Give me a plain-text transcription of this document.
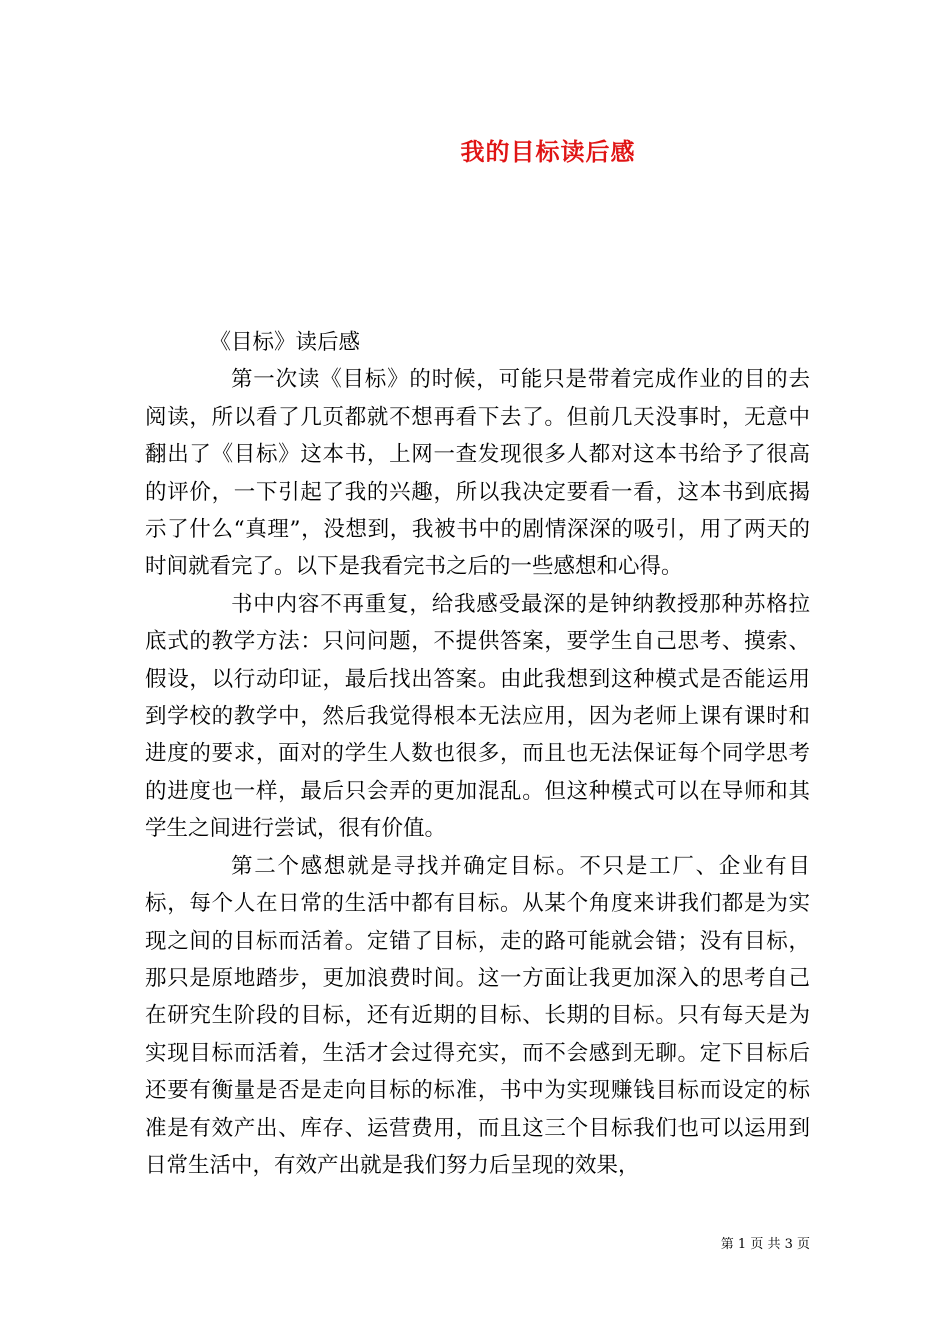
我的目标读后感

《目标》读后感

第一次读《目标》的时候，可能只是带着完成作业的目的去阅读，所以看了几页都就不想再看下去了。但前几天没事时，无意中翻出了《目标》这本书，上网一查发现很多人都对这本书给予了很高的评价，一下引起了我的兴趣，所以我决定要看一看，这本书到底揭示了什么“真理”，没想到，我被书中的剧情深深的吸引，用了两天的时间就看完了。以下是我看完书之后的一些感想和心得。

书中内容不再重复，给我感受最深的是钟纳教授那种苏格拉底式的教学方法：只问问题，不提供答案，要学生自己思考、摸索、假设，以行动印证，最后找出答案。由此我想到这种模式是否能运用到学校的教学中，然后我觉得根本无法应用，因为老师上课有课时和进度的要求，面对的学生人数也很多，而且也无法保证每个同学思考的进度也一样，最后只会弄的更加混乱。但这种模式可以在导师和其学生之间进行尝试，很有价值。

第二个感想就是寻找并确定目标。不只是工厂、企业有目标，每个人在日常的生活中都有目标。从某个角度来讲我们都是为实现之间的目标而活着。定错了目标，走的路可能就会错；没有目标，那只是原地踏步，更加浪费时间。这一方面让我更加深入的思考自己在研究生阶段的目标，还有近期的目标、长期的目标。只有每天是为实现目标而活着，生活才会过得充实，而不会感到无聊。定下目标后还要有衡量是否是走向目标的标准，书中为实现赚钱目标而设定的标准是有效产出、库存、运营费用，而且这三个目标我们也可以运用到日常生活中，有效产出就是我们努力后呈现的效果，

第 1 页 共 3 页
